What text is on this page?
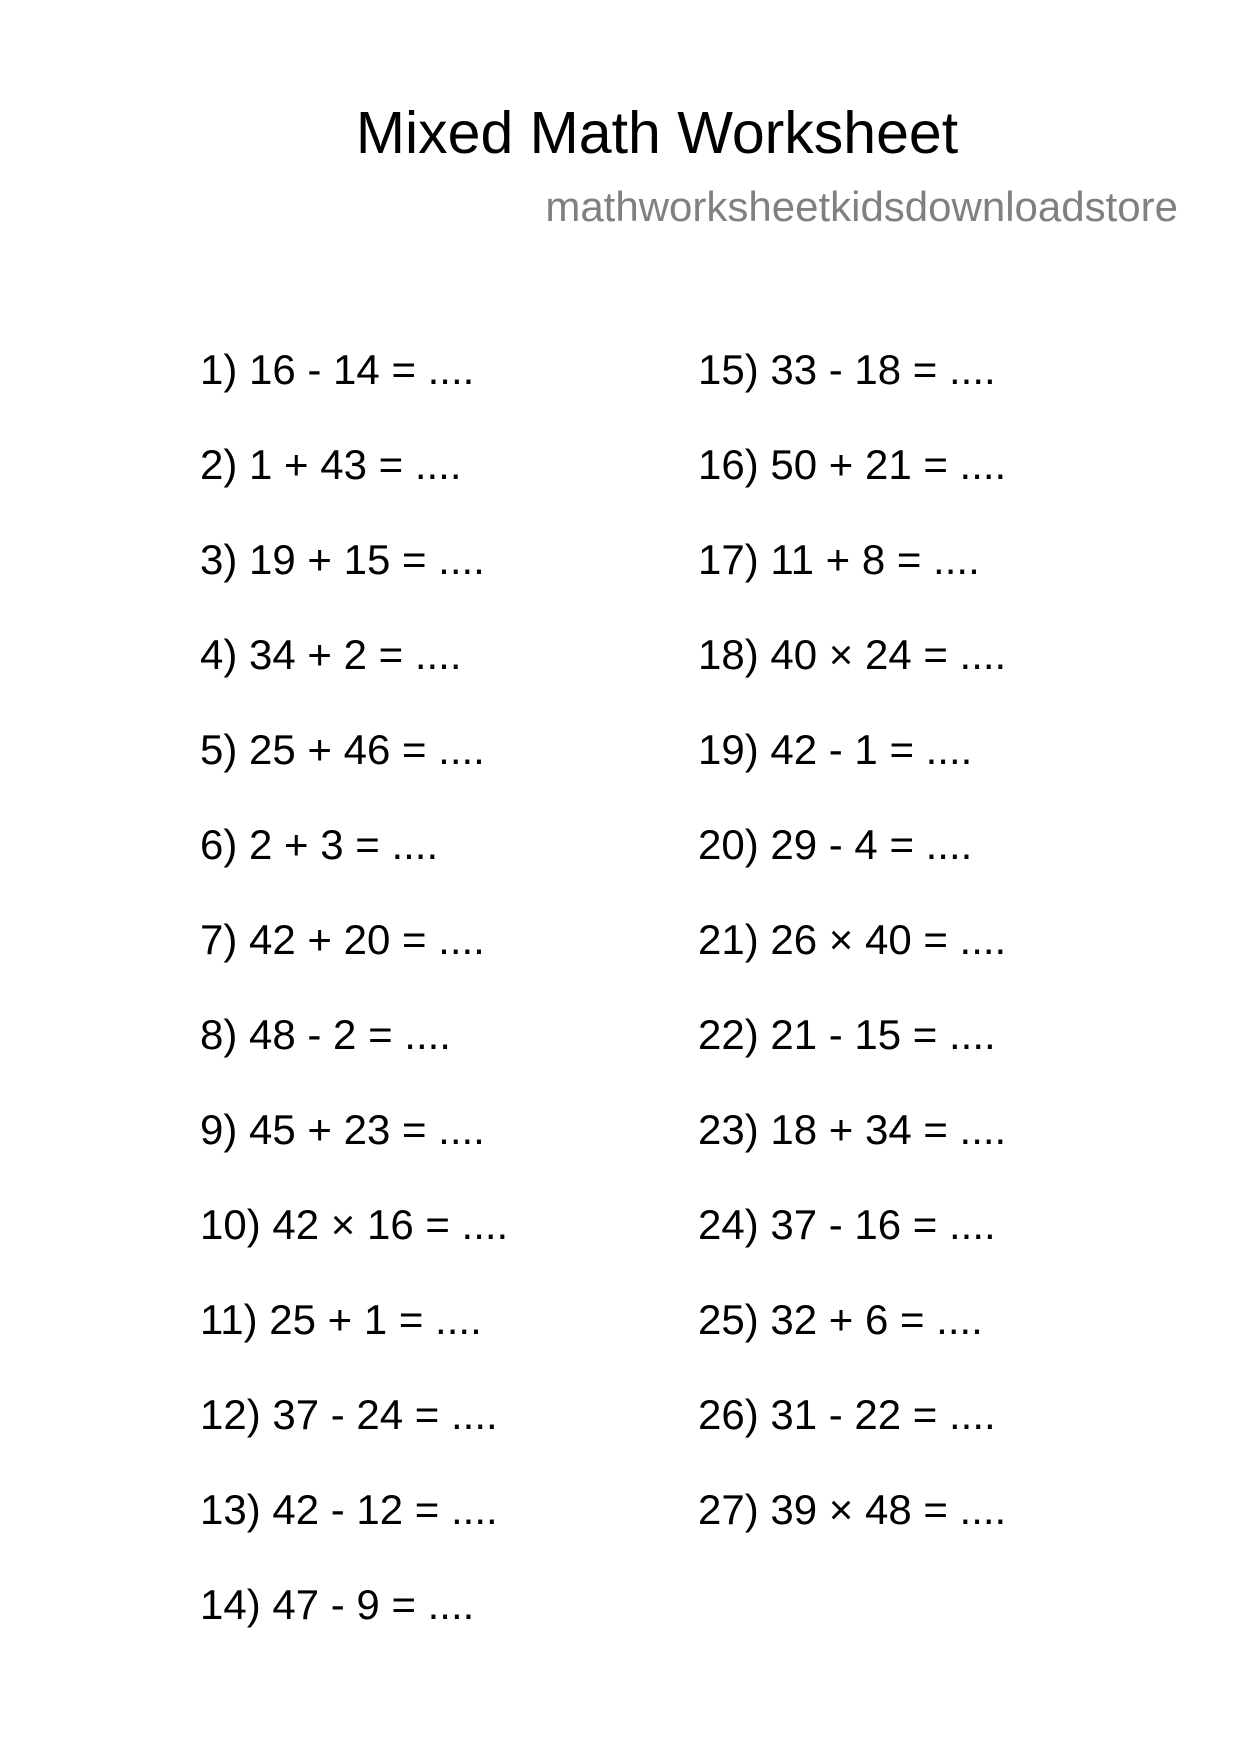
Mixed Math Worksheet
mathworksheetkidsdownloadstore
1) 16 - 14 = ....
2) 1 + 43 = ....
3) 19 + 15 = ....
4) 34 + 2 = ....
5) 25 + 46 = ....
6) 2 + 3 = ....
7) 42 + 20 = ....
8) 48 - 2 = ....
9) 45 + 23 = ....
10) 42 × 16 = ....
11) 25 + 1 = ....
12) 37 - 24 = ....
13) 42 - 12 = ....
14) 47 - 9 = ....
15) 33 - 18 = ....
16) 50 + 21 = ....
17) 11 + 8 = ....
18) 40 × 24 = ....
19) 42 - 1 = ....
20) 29 - 4 = ....
21) 26 × 40 = ....
22) 21 - 15 = ....
23) 18 + 34 = ....
24) 37 - 16 = ....
25) 32 + 6 = ....
26) 31 - 22 = ....
27) 39 × 48 = ....
